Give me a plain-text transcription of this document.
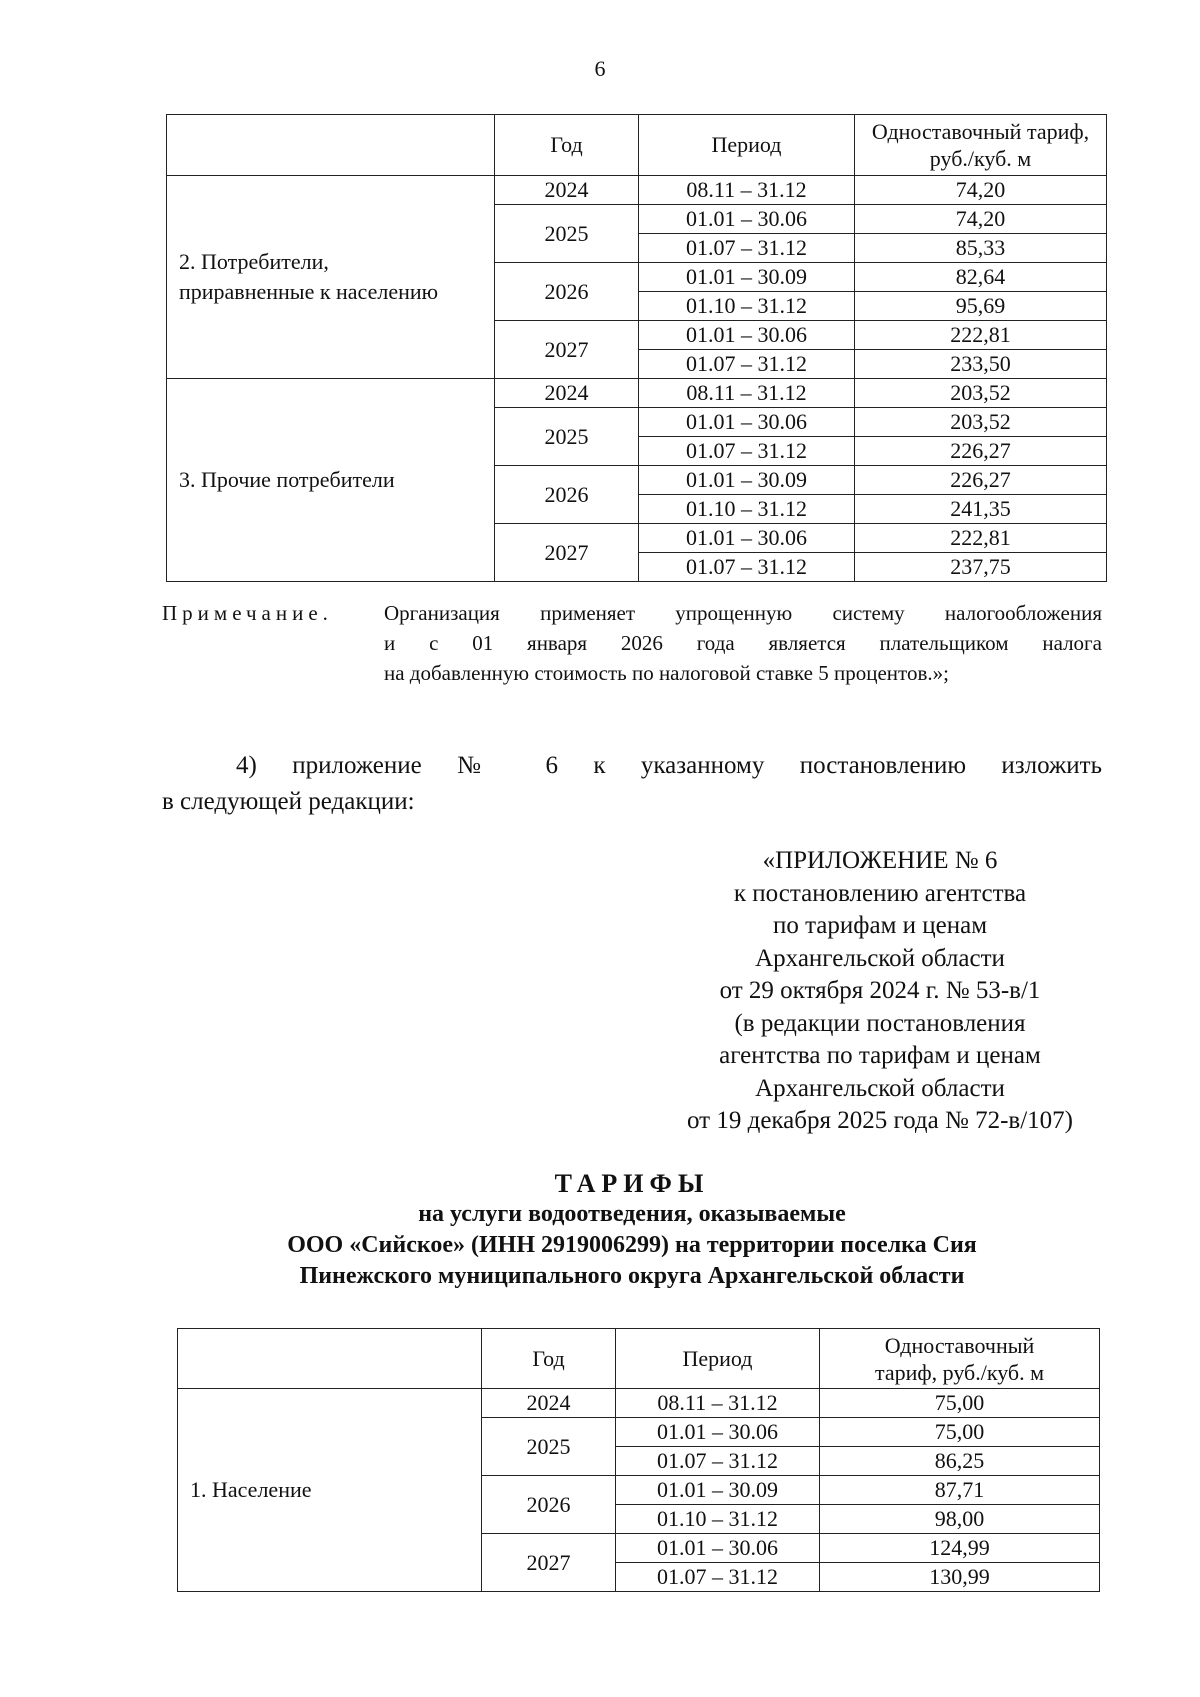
6
	Год	Период	Одноставочный тариф,
руб./куб. м

2. Потребители,
приравненные к населению	2024	08.11 – 31.12	74,20
	2025	01.01 – 30.06	74,20
		01.07 – 31.12	85,33
	2026	01.01 – 30.09	82,64
		01.10 – 31.12	95,69
	2027	01.01 – 30.06	222,81
		01.07 – 31.12	233,50

3. Прочие потребители	2024	08.11 – 31.12	203,52
	2025	01.01 – 30.06	203,52
		01.07 – 31.12	226,27
	2026	01.01 – 30.09	226,27
		01.10 – 31.12	241,35
	2027	01.01 – 30.06	222,81
		01.07 – 31.12	237,75
Примечание. Организация применяет упрощенную систему налогообложения
и с 01 января 2026 года является плательщиком налога
на добавленную стоимость по налоговой ставке 5 процентов.»;
4) приложение № 6 к указанному постановлению изложить
в следующей редакции:
«ПРИЛОЖЕНИЕ № 6
к постановлению агентства
по тарифам и ценам
Архангельской области
от 29 октября 2024 г. № 53-в/1
(в редакции постановления
агентства по тарифам и ценам
Архангельской области
от 19 декабря 2025 года № 72-в/107)
ТАРИФЫ
на услуги водоотведения, оказываемые
ООО «Сийское» (ИНН 2919006299) на территории поселка Сия
Пинежского муниципального округа Архангельской области
	Год	Период	Одноставочный
тариф, руб./куб. м

1. Население	2024	08.11 – 31.12	75,00
	2025	01.01 – 30.06	75,00
		01.07 – 31.12	86,25
	2026	01.01 – 30.09	87,71
		01.10 – 31.12	98,00
	2027	01.01 – 30.06	124,99
		01.07 – 31.12	130,99
